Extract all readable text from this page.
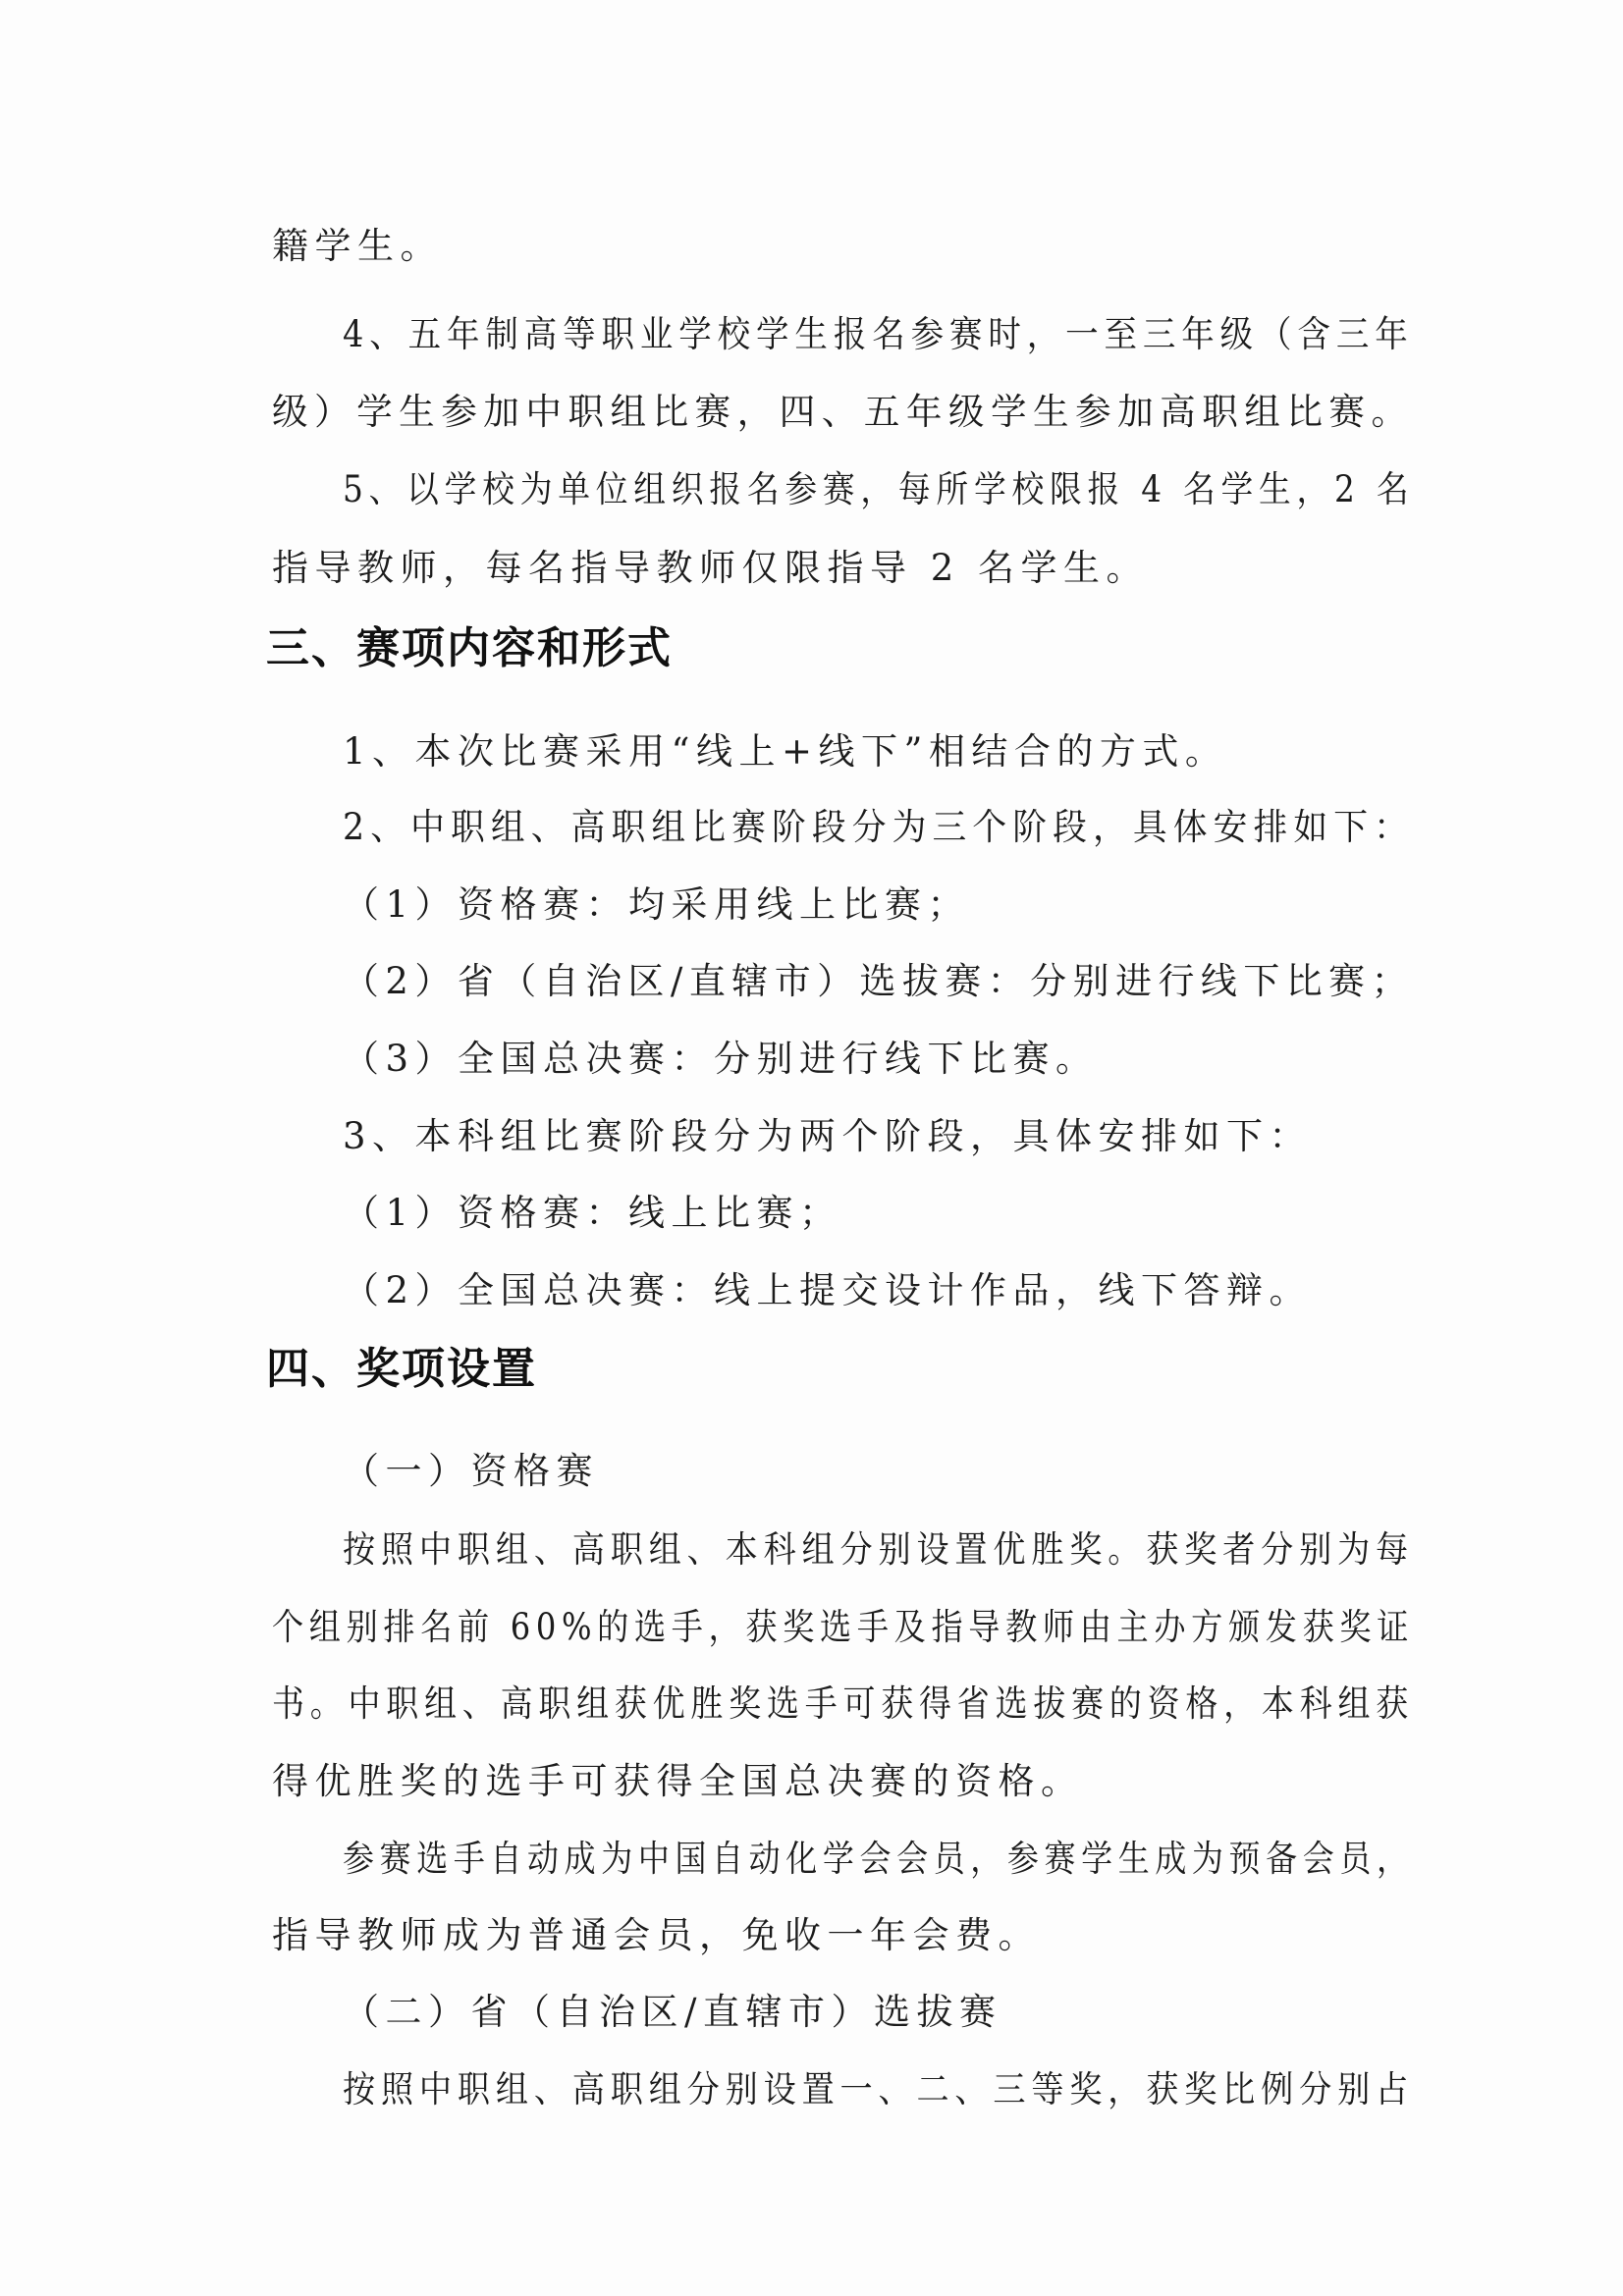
籍学生。
4、五年制高等职业学校学生报名参赛时，一至三年级（含三年
级）学生参加中职组比赛，四、五年级学生参加高职组比赛。
5、以学校为单位组织报名参赛，每所学校限报 4 名学生，2 名
指导教师，每名指导教师仅限指导 2 名学生。
三、赛项内容和形式
1、本次比赛采用“线上+线下”相结合的方式。
2、中职组、高职组比赛阶段分为三个阶段，具体安排如下：
（1）资格赛：均采用线上比赛；
（2）省（自治区/直辖市）选拔赛：分别进行线下比赛；
（3）全国总决赛：分别进行线下比赛。
3、本科组比赛阶段分为两个阶段，具体安排如下：
（1）资格赛：线上比赛；
（2）全国总决赛：线上提交设计作品，线下答辩。
四、奖项设置
（一）资格赛
按照中职组、高职组、本科组分别设置优胜奖。获奖者分别为每
个组别排名前 60%的选手，获奖选手及指导教师由主办方颁发获奖证
书。中职组、高职组获优胜奖选手可获得省选拔赛的资格，本科组获
得优胜奖的选手可获得全国总决赛的资格。
参赛选手自动成为中国自动化学会会员，参赛学生成为预备会员，
指导教师成为普通会员，免收一年会费。
（二）省（自治区/直辖市）选拔赛
按照中职组、高职组分别设置一、二、三等奖，获奖比例分别占
